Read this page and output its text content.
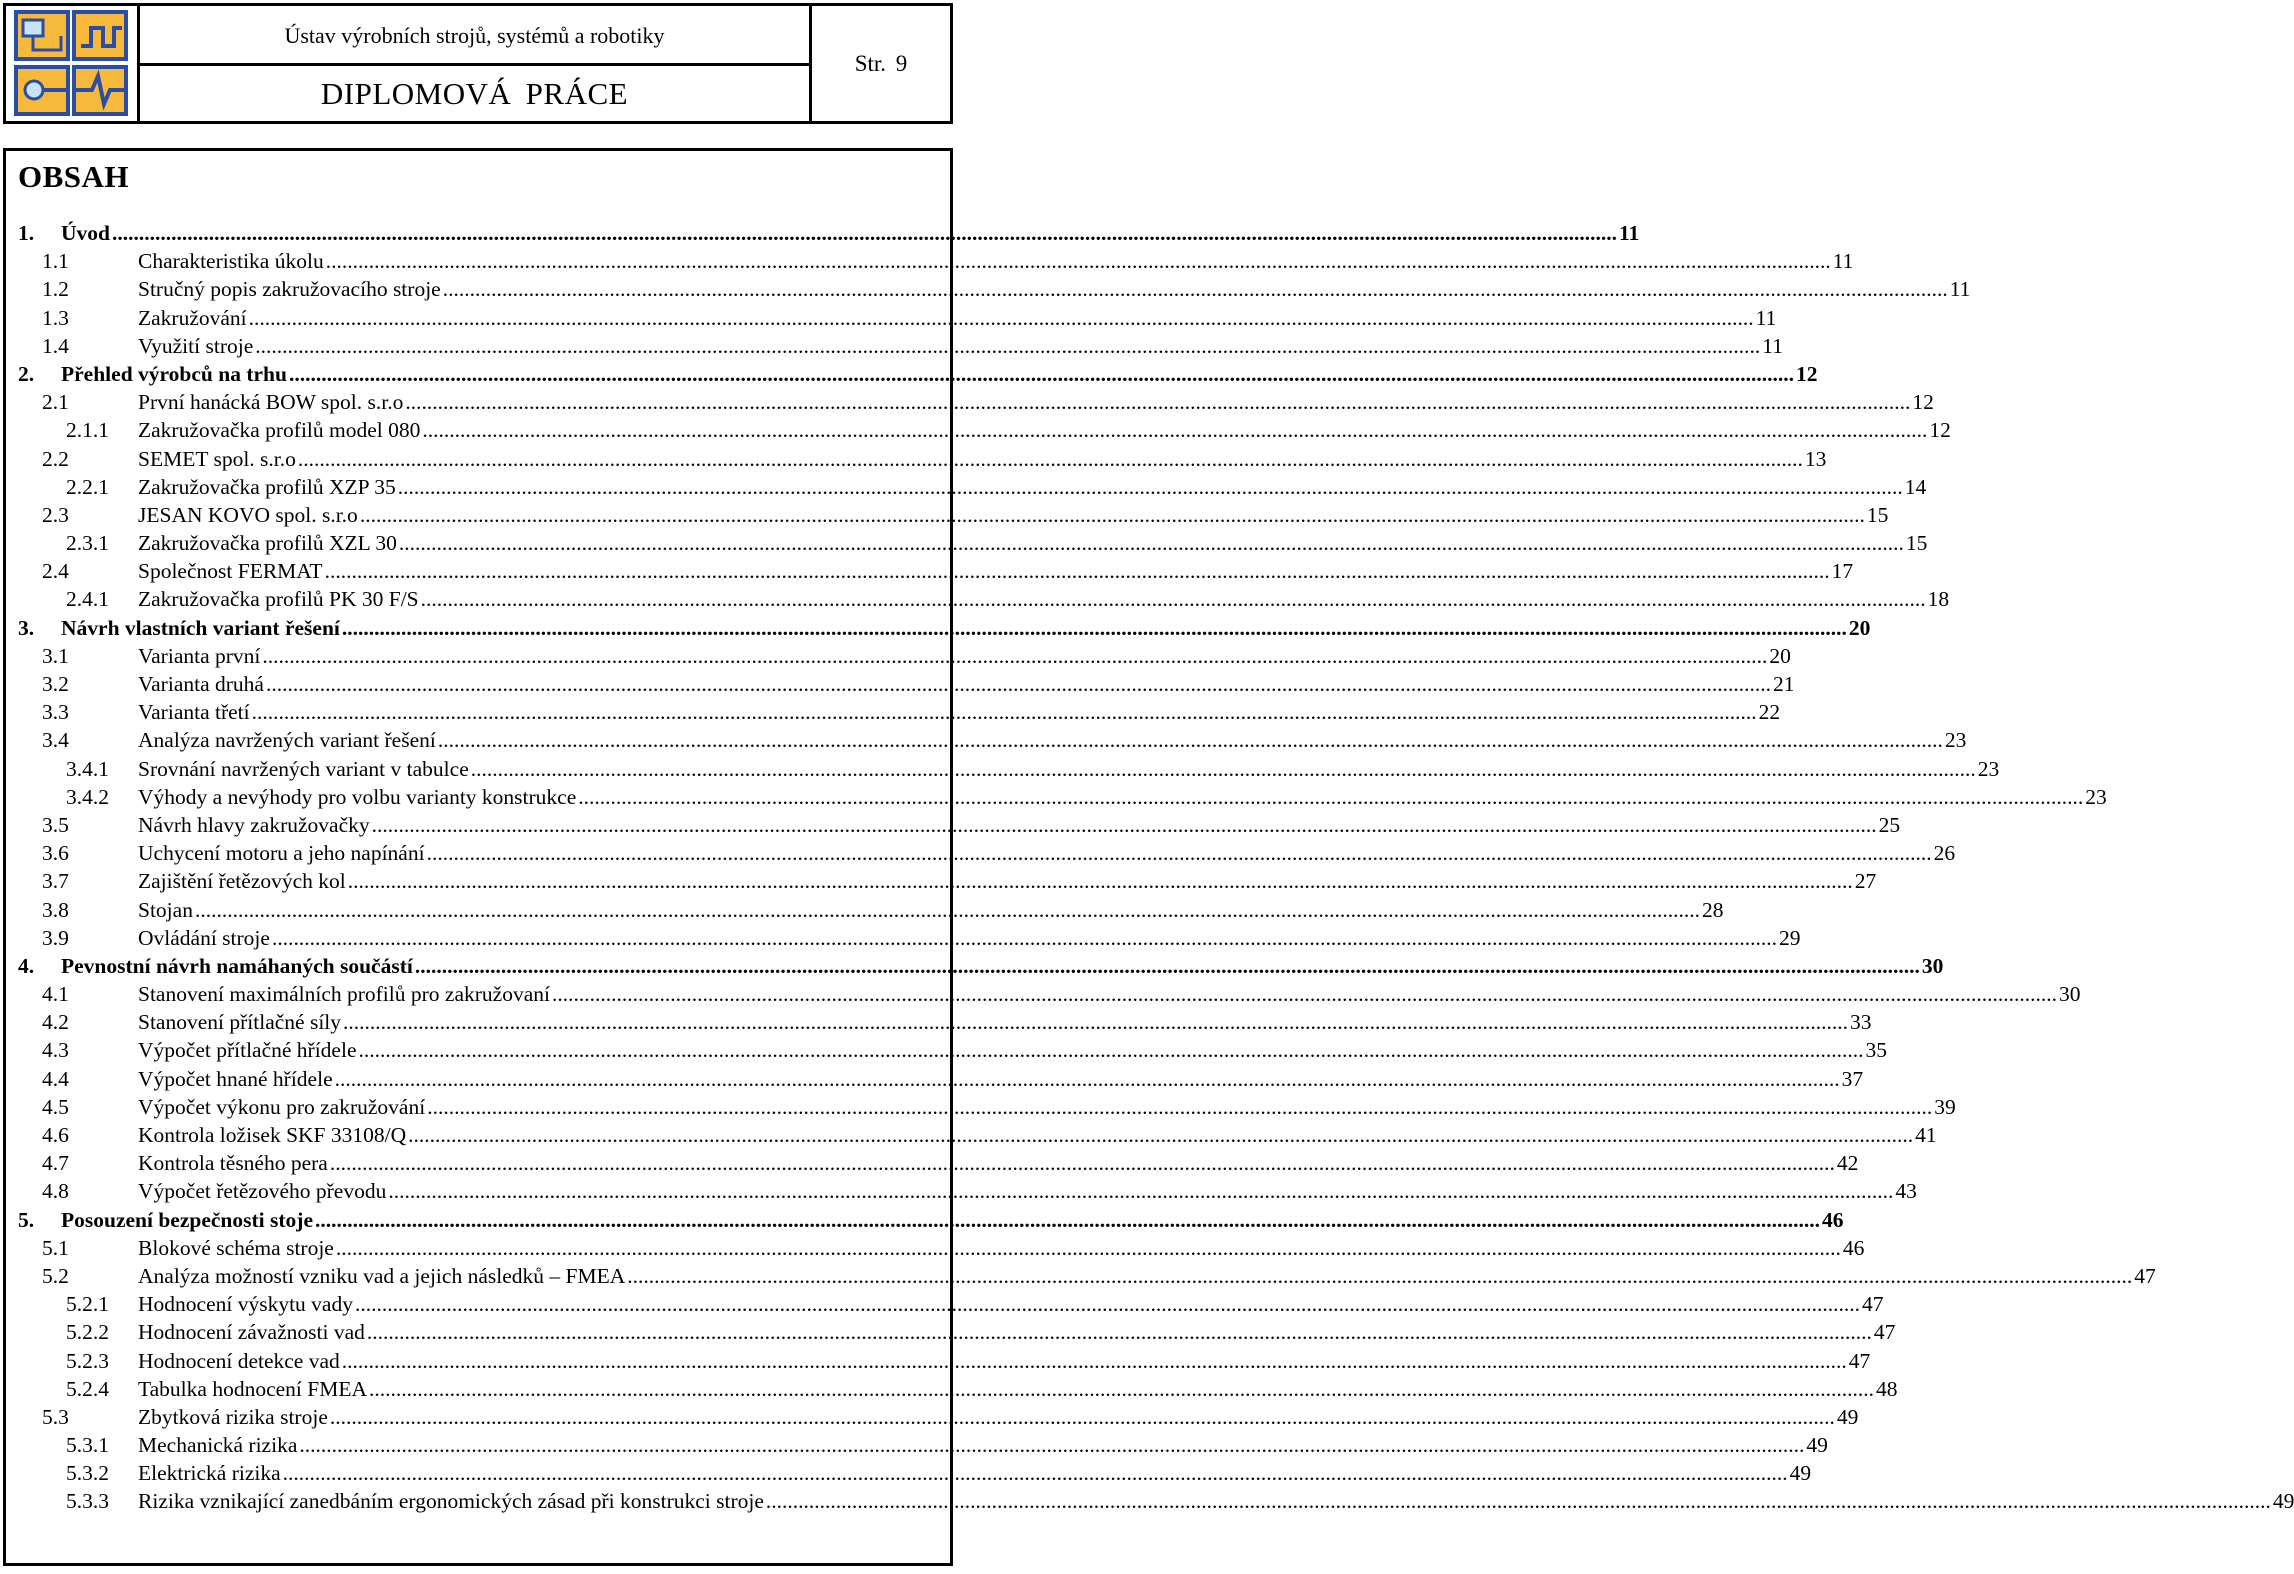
Ústav výrobních strojů, systémů a robotiky
DIPLOMOVÁ PRÁCE
Str. 9
OBSAH
1.	Úvod .....	11
1.1	Charakteristika úkolu .....	11
1.2	Stručný popis zakružovacího stroje .....	11
1.3	Zakružování .....	11
1.4	Využití stroje .....	11
2.	Přehled výrobců na trhu .....	12
2.1	První hanácká BOW spol. s.r.o .....	12
2.1.1	Zakružovačka profilů model 080 .....	12
2.2	SEMET spol. s.r.o .....	13
2.2.1	Zakružovačka profilů XZP 35 .....	14
2.3	JESAN KOVO spol. s.r.o .....	15
2.3.1	Zakružovačka profilů XZL 30 .....	15
2.4	Společnost FERMAT .....	17
2.4.1	Zakružovačka profilů PK 30 F/S .....	18
3.	Návrh vlastních variant řešení .....	20
3.1	Varianta první .....	20
3.2	Varianta druhá .....	21
3.3	Varianta třetí .....	22
3.4	Analýza navržených variant řešení .....	23
3.4.1	Srovnání navržených variant v tabulce .....	23
3.4.2	Výhody a nevýhody pro volbu varianty konstrukce .....	23
3.5	Návrh hlavy zakružovačky .....	25
3.6	Uchycení motoru a jeho napínání .....	26
3.7	Zajištění řetězových kol .....	27
3.8	Stojan .....	28
3.9	Ovládání stroje .....	29
4.	Pevnostní návrh namáhaných součástí .....	30
4.1	Stanovení maximálních profilů pro zakružovaní .....	30
4.2	Stanovení přítlačné síly .....	33
4.3	Výpočet přítlačné hřídele .....	35
4.4	Výpočet hnané hřídele .....	37
4.5	Výpočet výkonu pro zakružování .....	39
4.6	Kontrola ložisek SKF 33108/Q .....	41
4.7	Kontrola těsného pera .....	42
4.8	Výpočet řetězového převodu .....	43
5.	Posouzení bezpečnosti stoje .....	46
5.1	Blokové schéma stroje .....	46
5.2	Analýza možností vzniku vad a jejich následků – FMEA .....	47
5.2.1	Hodnocení výskytu vady .....	47
5.2.2	Hodnocení závažnosti vad .....	47
5.2.3	Hodnocení detekce vad .....	47
5.2.4	Tabulka hodnocení FMEA .....	48
5.3	Zbytková rizika stroje .....	49
5.3.1	Mechanická rizika .....	49
5.3.2	Elektrická rizika .....	49
5.3.3	Rizika vznikající zanedbáním ergonomických zásad při konstrukci stroje .....	49
